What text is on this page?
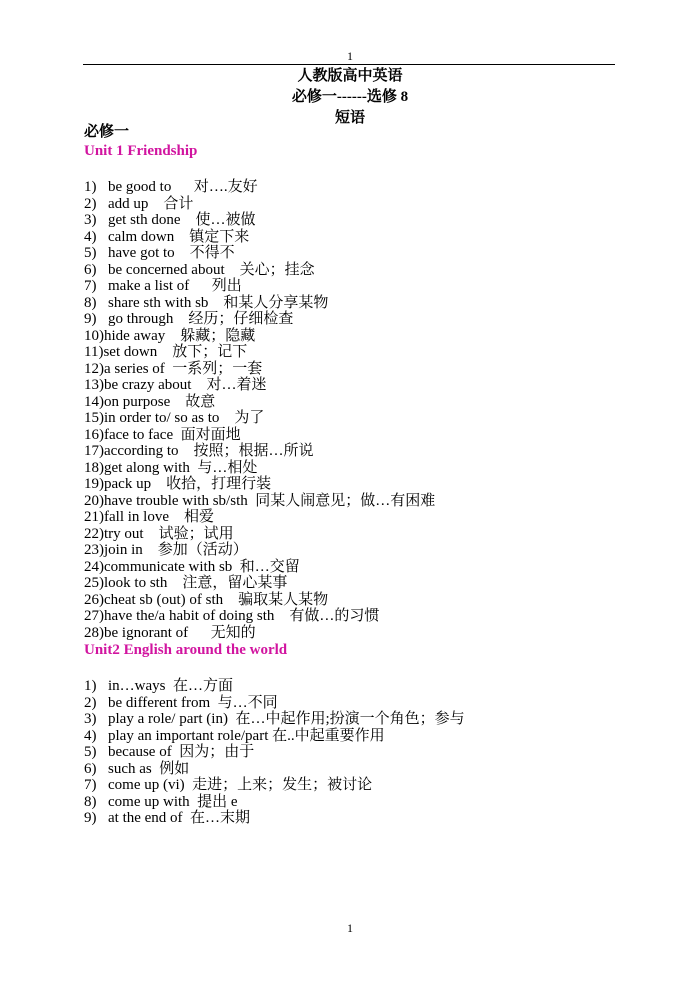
1
人教版高中英语
必修一------选修 8
短语
必修一
Unit 1 Friendship
1) be good to      对….友好
2) add up    合计
3) get sth done    使…被做
4) calm down    镇定下来
5) have got to    不得不
6) be concerned about    关心；挂念
7) make a list of      列出
8) share sth with sb    和某人分享某物
9) go through    经历；仔细检查
10)hide away    躲藏；隐藏
11)set down    放下；记下
12)a series of  一系列；一套
13)be crazy about    对…着迷
14)on purpose    故意
15)in order to/ so as to    为了
16)face to face  面对面地
17)according to    按照；根据…所说
18)get along with  与…相处
19)pack up    收拾，打理行装
20)have trouble with sb/sth  同某人闹意见；做…有困难
21)fall in love    相爱
22)try out    试验；试用
23)join in    参加（活动）
24)communicate with sb  和…交留
25)look to sth    注意，留心某事
26)cheat sb (out) of sth    骗取某人某物
27)have the/a habit of doing sth    有做…的习惯
28)be ignorant of      无知的
Unit2 English around the world
1) in…ways  在…方面
2) be different from  与…不同
3) play a role/ part (in)  在…中起作用;扮演一个角色；参与
4) play an important role/part 在..中起重要作用
5) because of  因为；由于
6) such as  例如
7) come up (vi)  走进；上来；发生；被讨论
8) come up with  提出 e
9) at the end of  在…末期
1
